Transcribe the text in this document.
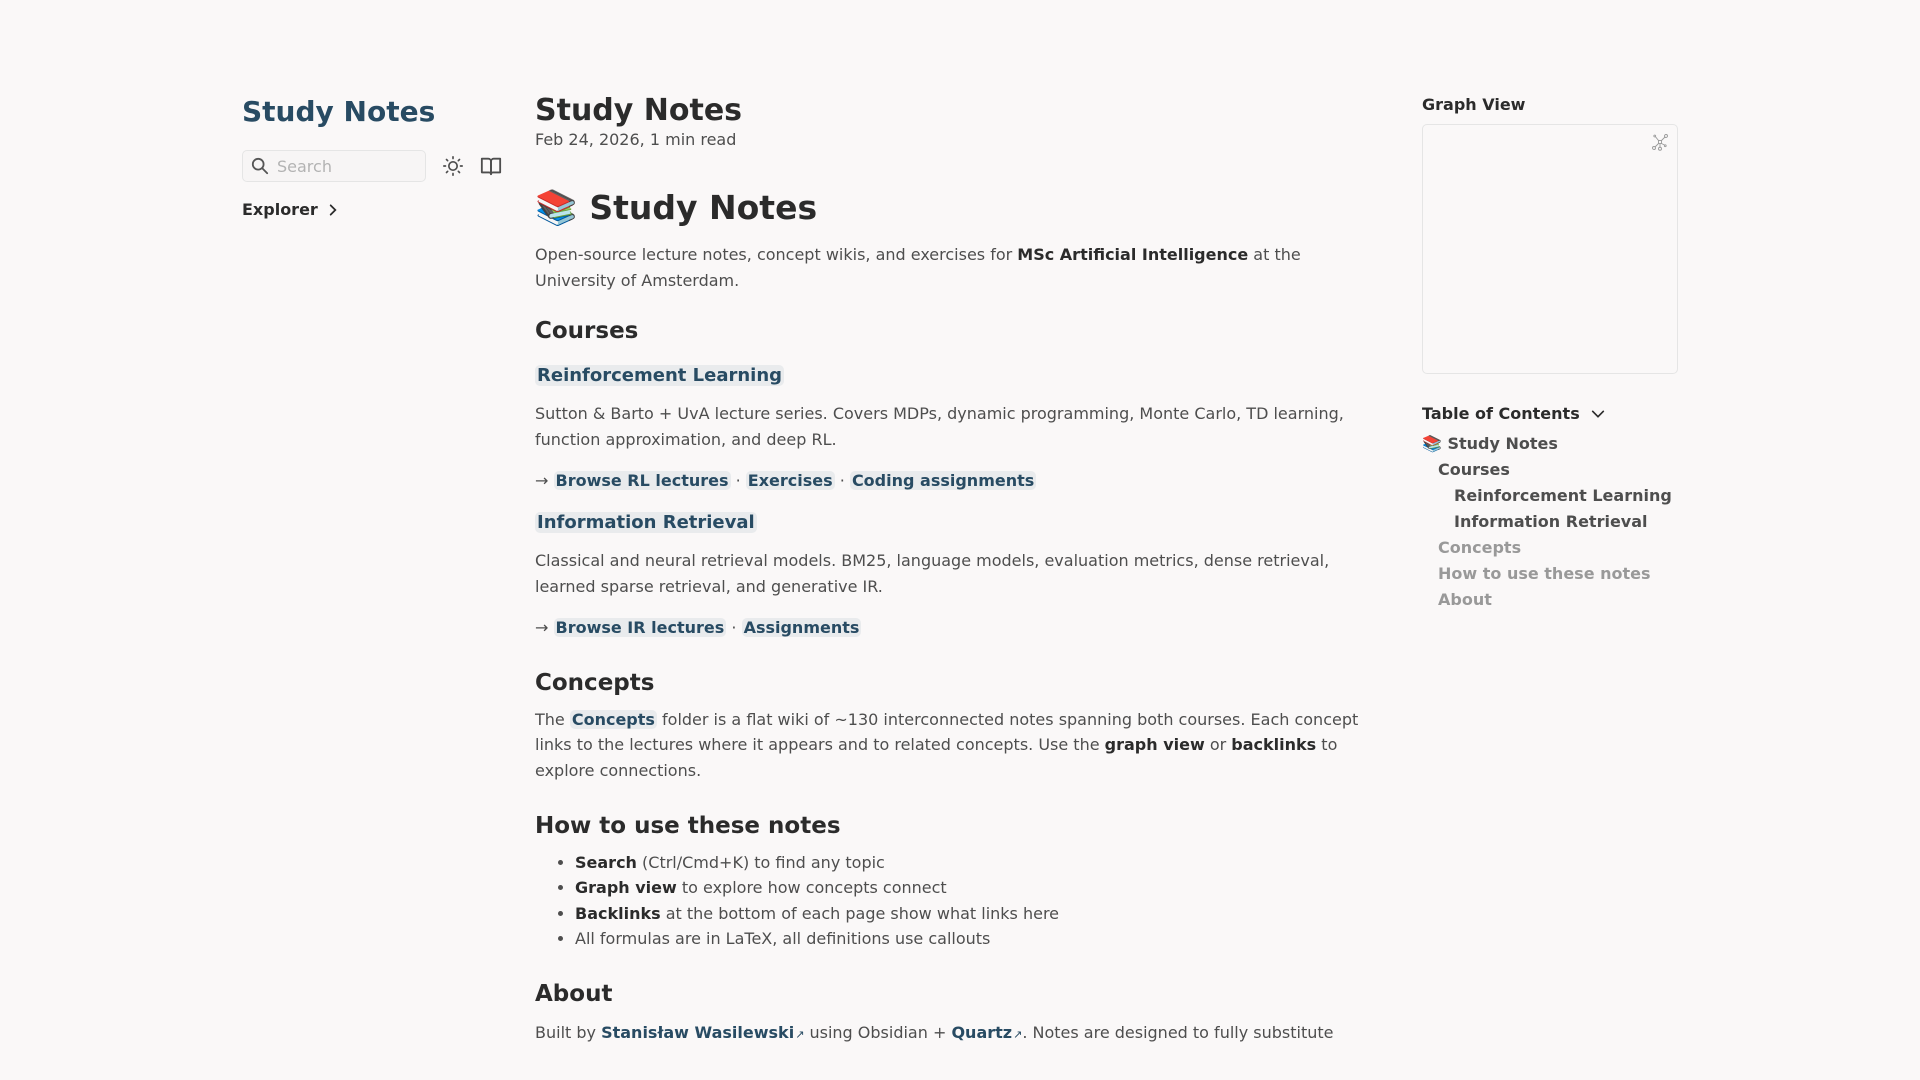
Study Notes
Search
Explorer
Study Notes
Feb 24, 2026, 1 min read
📚 Study Notes

Open-source lecture notes, concept wikis, and exercises for MSc Artificial Intelligence at the University of Amsterdam.

Courses
Reinforcement Learning

Sutton & Barto + UvA lecture series. Covers MDPs, dynamic programming, Monte Carlo, TD learning, function approximation, and deep RL.

→ Browse RL lectures · Exercises · Coding assignments

Information Retrieval

Classical and neural retrieval models. BM25, language models, evaluation metrics, dense retrieval, learned sparse retrieval, and generative IR.

→ Browse IR lectures · Assignments

Concepts

The Concepts folder is a flat wiki of ~130 interconnected notes spanning both courses. Each concept links to the lectures where it appears and to related concepts. Use the graph view or backlinks to explore connections.

How to use these notes
• Search (Ctrl/Cmd+K) to find any topic
• Graph view to explore how concepts connect
• Backlinks at the bottom of each page show what links here
• All formulas are in LaTeX, all definitions use callouts
About

Built by Stanisław Wasilewski↗ using Obsidian + Quartz↗. Notes are designed to fully substitute

Graph View
Table of Contents
📚 Study Notes
Courses
Reinforcement Learning
Information Retrieval
Concepts
How to use these notes
About
